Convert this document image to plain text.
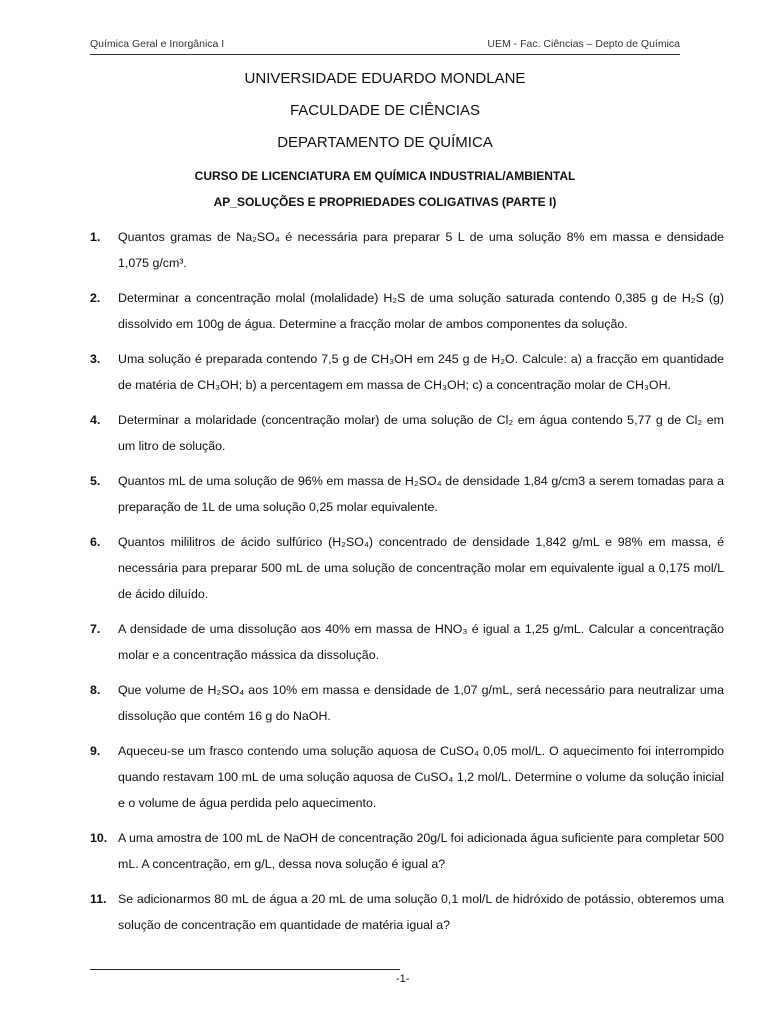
Química Geral e Inorgânica I	UEM - Fac. Ciências – Depto de Química
UNIVERSIDADE EDUARDO MONDLANE
FACULDADE DE CIÊNCIAS
DEPARTAMENTO DE QUÍMICA
CURSO DE LICENCIATURA EM QUÍMICA INDUSTRIAL/AMBIENTAL
AP_SOLUÇÕES E PROPRIEDADES COLIGATIVAS (PARTE I)
1. Quantos gramas de Na₂SO₄ é necessária para preparar 5 L de uma solução 8% em massa e densidade 1,075 g/cm³.
2. Determinar a concentração molal (molalidade) H₂S de uma solução saturada contendo 0,385 g de H₂S (g) dissolvido em 100g de água. Determine a fracção molar de ambos componentes da solução.
3. Uma solução é preparada contendo 7,5 g de CH₃OH em 245 g de H₂O. Calcule: a) a fracção em quantidade de matéria de CH₃OH; b) a percentagem em massa de CH₃OH; c) a concentração molar de CH₃OH.
4. Determinar a molaridade (concentração molar) de uma solução de Cl₂ em água contendo 5,77 g de Cl₂ em um litro de solução.
5. Quantos mL de uma solução de 96% em massa de H₂SO₄ de densidade 1,84 g/cm3 a serem tomadas para a preparação de 1L de uma solução 0,25 molar equivalente.
6. Quantos mililitros de ácido sulfúrico (H₂SO₄) concentrado de densidade 1,842 g/mL e 98% em massa, é necessária para preparar 500 mL de uma solução de concentração molar em equivalente igual a 0,175 mol/L de ácido diluído.
7. A densidade de uma dissolução aos 40% em massa de HNO₃ é igual a 1,25 g/mL. Calcular a concentração molar e a concentração mássica da dissolução.
8. Que volume de H₂SO₄ aos 10% em massa e densidade de 1,07 g/mL, será necessário para neutralizar uma dissolução que contém 16 g do NaOH.
9. Aqueceu-se um frasco contendo uma solução aquosa de CuSO₄ 0,05 mol/L. O aquecimento foi interrompido quando restavam 100 mL de uma solução aquosa de CuSO₄ 1,2 mol/L. Determine o volume da solução inicial e o volume de água perdida pelo aquecimento.
10. A uma amostra de 100 mL de NaOH de concentração 20g/L foi adicionada água suficiente para completar 500 mL. A concentração, em g/L, dessa nova solução é igual a?
11. Se adicionarmos 80 mL de água a 20 mL de uma solução 0,1 mol/L de hidróxido de potássio, obteremos uma solução de concentração em quantidade de matéria igual a?
-1-
